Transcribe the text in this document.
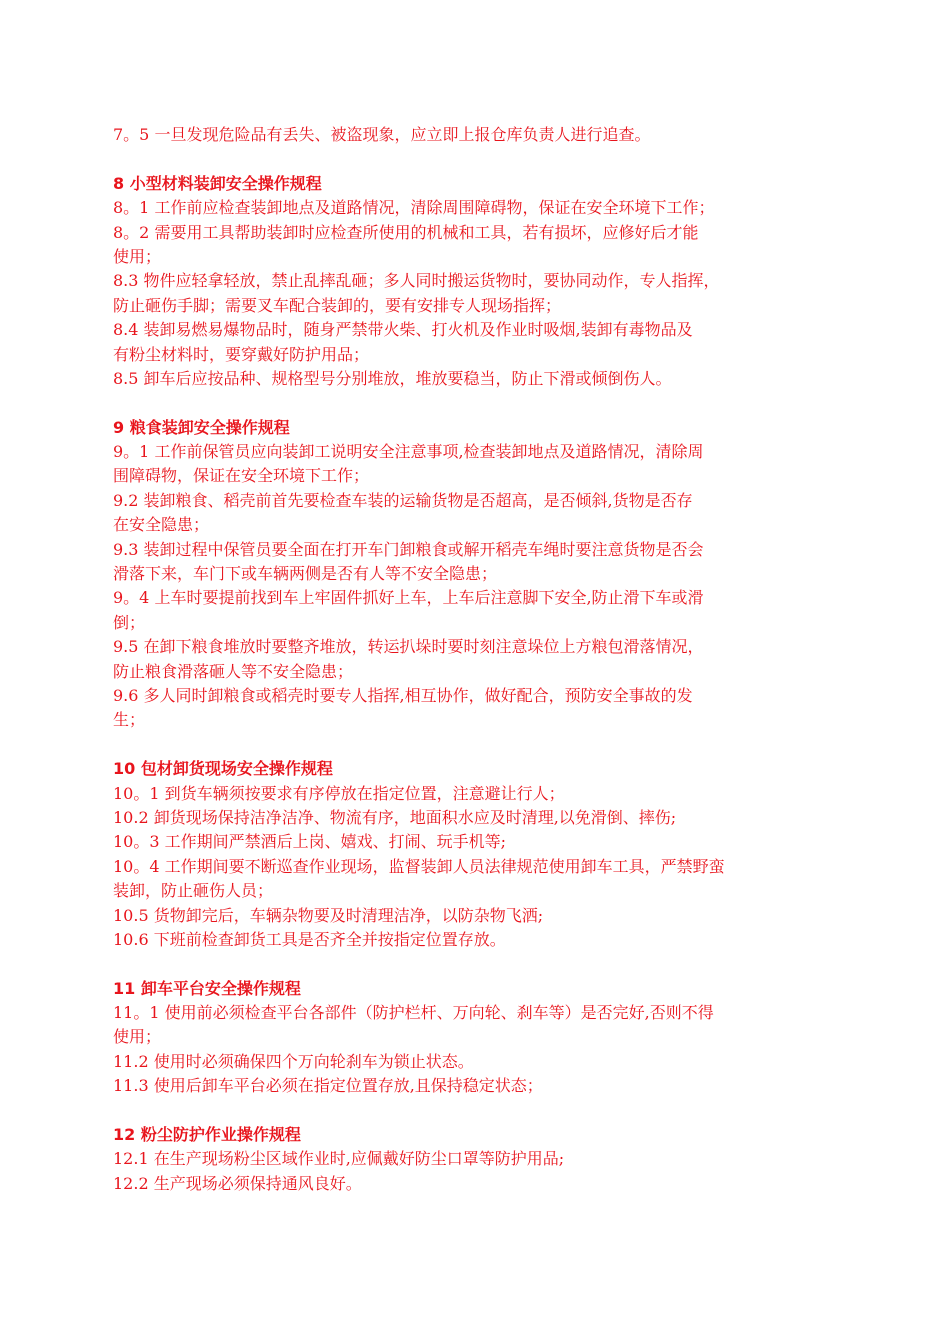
7。5 一旦发现危险品有丢失、被盗现象，应立即上报仓库负责人进行追查。

8 小型材料装卸安全操作规程

8。1 工作前应检查装卸地点及道路情况，清除周围障碍物，保证在安全环境下工作；

8。2 需要用工具帮助装卸时应检查所使用的机械和工具，若有损坏，应修好后才能

使用；

8.3 物件应轻拿轻放，禁止乱摔乱砸；多人同时搬运货物时，要协同动作，专人指挥，

防止砸伤手脚；需要叉车配合装卸的，要有安排专人现场指挥；

8.4 装卸易燃易爆物品时，随身严禁带火柴、打火机及作业时吸烟,装卸有毒物品及

有粉尘材料时，要穿戴好防护用品；

8.5 卸车后应按品种、规格型号分别堆放，堆放要稳当，防止下滑或倾倒伤人。

9 粮食装卸安全操作规程

9。1 工作前保管员应向装卸工说明安全注意事项,检查装卸地点及道路情况，清除周

围障碍物，保证在安全环境下工作；

9.2 装卸粮食、稻壳前首先要检查车装的运输货物是否超高，是否倾斜,货物是否存

在安全隐患；

9.3 装卸过程中保管员要全面在打开车门卸粮食或解开稻壳车绳时要注意货物是否会

滑落下来，车门下或车辆两侧是否有人等不安全隐患；

9。4 上车时要提前找到车上牢固件抓好上车，上车后注意脚下安全,防止滑下车或滑

倒；

9.5 在卸下粮食堆放时要整齐堆放，转运扒垛时要时刻注意垛位上方粮包滑落情况，

防止粮食滑落砸人等不安全隐患；

9.6 多人同时卸粮食或稻壳时要专人指挥,相互协作，做好配合，预防安全事故的发

生；

10 包材卸货现场安全操作规程

10。1 到货车辆须按要求有序停放在指定位置，注意避让行人；

10.2 卸货现场保持洁净洁净、物流有序，地面积水应及时清理,以免滑倒、摔伤;

10。3 工作期间严禁酒后上岗、嬉戏、打闹、玩手机等;

10。4 工作期间要不断巡查作业现场，监督装卸人员法律规范使用卸车工具，严禁野蛮

装卸，防止砸伤人员；

10.5 货物卸完后，车辆杂物要及时清理洁净，以防杂物飞洒;

10.6 下班前检查卸货工具是否齐全并按指定位置存放。

11 卸车平台安全操作规程

11。1 使用前必须检查平台各部件（防护栏杆、万向轮、刹车等）是否完好,否则不得

使用；

11.2 使用时必须确保四个万向轮刹车为锁止状态。

11.3 使用后卸车平台必须在指定位置存放,且保持稳定状态；

12 粉尘防护作业操作规程

12.1 在生产现场粉尘区域作业时,应佩戴好防尘口罩等防护用品;

12.2 生产现场必须保持通风良好。
